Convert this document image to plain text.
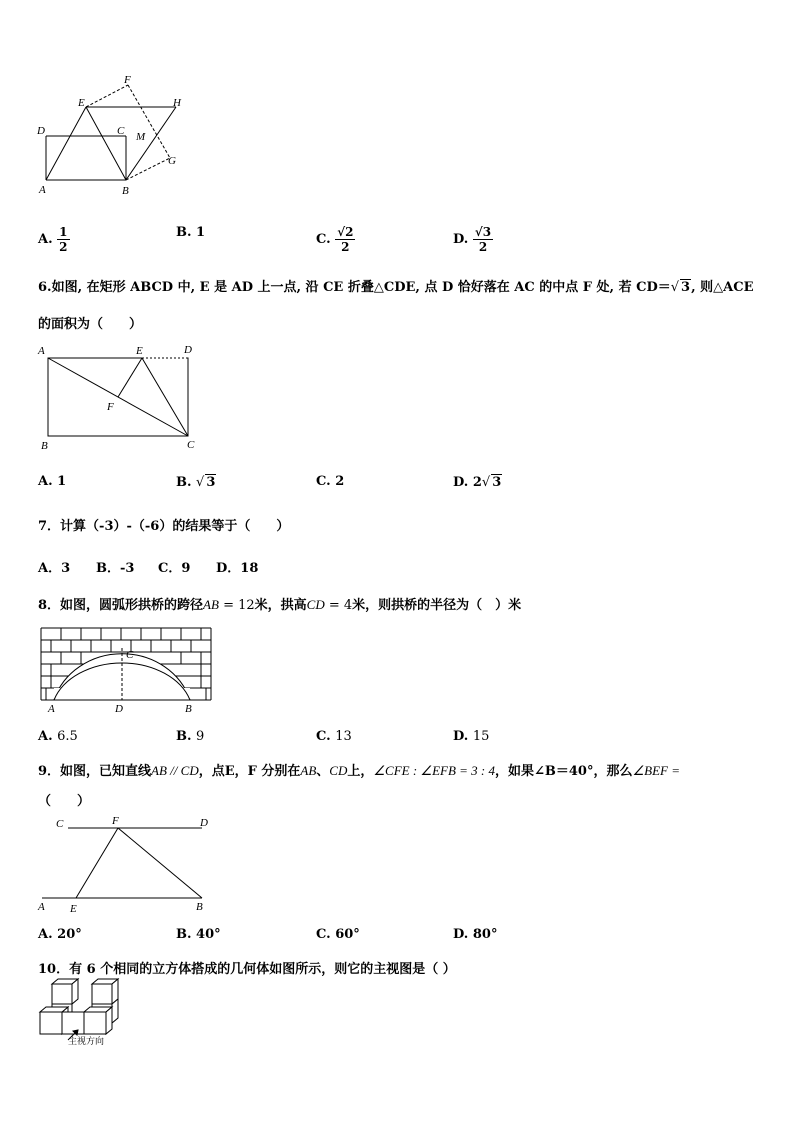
F
E	H
D	C M
G
A	B
A. $\frac{1}{2}$	B. 1	C. $\frac{√2}{2}$	D. $\frac{√3}{2}$
6.如图, 在矩形 ABCD 中, E 是 AD 上一点, 沿 CE 折叠△CDE, 点 D 恰好落在 AC 的中点 F 处, 若 CD＝√ 3, 则△ACE
的面积为（　　）
A	E	D
F
B	C
A. 1	B. √ 3	C. 2	D. 2√ 3
7．计算（-3）-（-6）的结果等于（　　）
A．3 B．-3 C．9 D．18
8．如图，圆弧形拱桥的跨径AB = 12米，拱高CD = 4米，则拱桥的半径为（　）米
C
A	D	B
A. 6.5	B. 9	C. 13	D. 15
9．如图，已知直线AB // CD，点E，F 分别在AB、CD上，∠CFE : ∠EFB = 3 : 4，如果∠B＝40°，那么∠BEF =
（　　）
C	F	D
A E	B
A. 20°	B. 40°	C. 60°	D. 80°
10．有 6 个相同的立方体搭成的几何体如图所示，则它的主视图是（ ）
主视方向
